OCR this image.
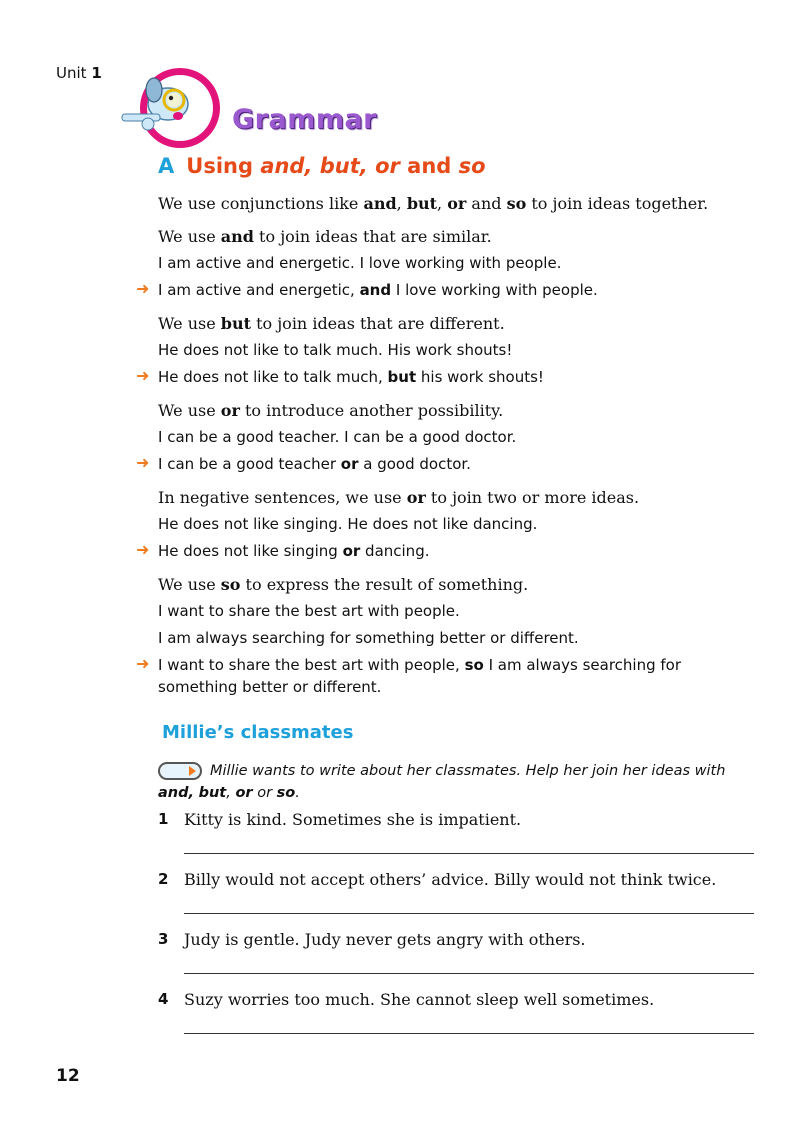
Unit 1
Grammar
A Using and, but, or and so
We use conjunctions like and, but, or and so to join ideas together.
We use and to join ideas that are similar.
I am active and energetic. I love working with people.
➜ I am active and energetic, and I love working with people.
We use but to join ideas that are different.
He does not like to talk much. His work shouts!
➜ He does not like to talk much, but his work shouts!
We use or to introduce another possibility.
I can be a good teacher. I can be a good doctor.
➜ I can be a good teacher or a good doctor.
In negative sentences, we use or to join two or more ideas.
He does not like singing. He does not like dancing.
➜ He does not like singing or dancing.
We use so to express the result of something.
I want to share the best art with people.
I am always searching for something better or different.
➜ I want to share the best art with people, so I am always searching for something better or different.
Millie’s classmates
Millie wants to write about her classmates. Help her join her ideas with and, but, or or so.
1 Kitty is kind. Sometimes she is impatient.
2 Billy would not accept others’ advice. Billy would not think twice.
3 Judy is gentle. Judy never gets angry with others.
4 Suzy worries too much. She cannot sleep well sometimes.
12
